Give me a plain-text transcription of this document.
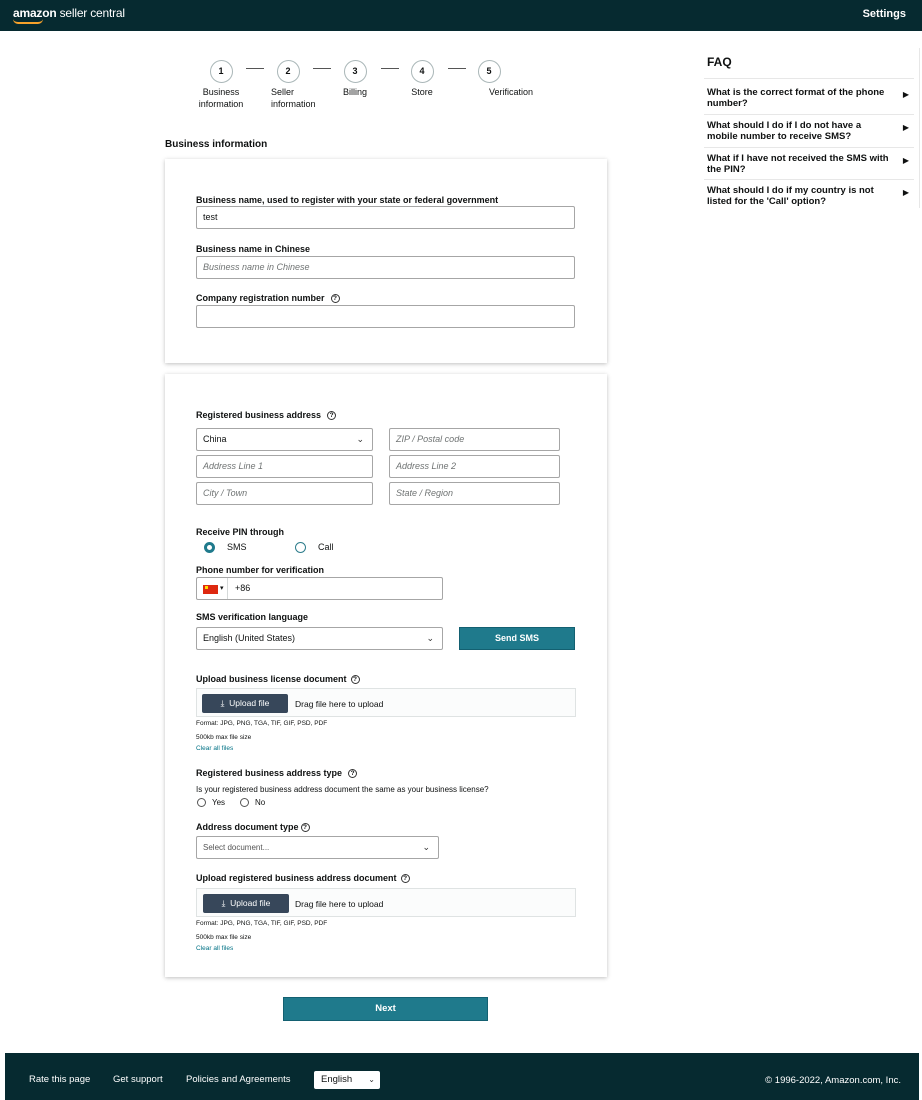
amazon seller central	Settings
1
Business information
2
Seller information
3
Billing
4
Store
5
Verification
FAQ
What is the correct format of the phone number?
▶
What should I do if I do not have a mobile number to receive SMS?
▶
What if I have not received the SMS with the PIN?
▶
What should I do if my country is not listed for the 'Call' option?
▶
Business information
Business name, used to register with your state or federal government
test
Business name in Chinese
Business name in Chinese
Company registration number ?
Registered business address ?
China	⌄	ZIP / Postal code
Address Line 1	Address Line 2
City / Town	State / Region
Receive PIN through
SMS	Call
Phone number for verification
▾ +86
SMS verification language
English (United States)	⌄	Send SMS
Upload business license document ?
⤓ Upload file	Drag file here to upload
Format: JPG, PNG, TGA, TIF, GIF, PSD, PDF
500kb max file size
Clear all files
Registered business address type ?
Is your registered business address document the same as your business license?
Yes	No
Address document type ?
Select document...	⌄
Upload registered business address document ?
⤓ Upload file	Drag file here to upload
Format: JPG, PNG, TGA, TIF, GIF, PSD, PDF
500kb max file size
Clear all files
Next
Rate this page Get support Policies and Agreements	English ⌄	© 1996-2022, Amazon.com, Inc.
